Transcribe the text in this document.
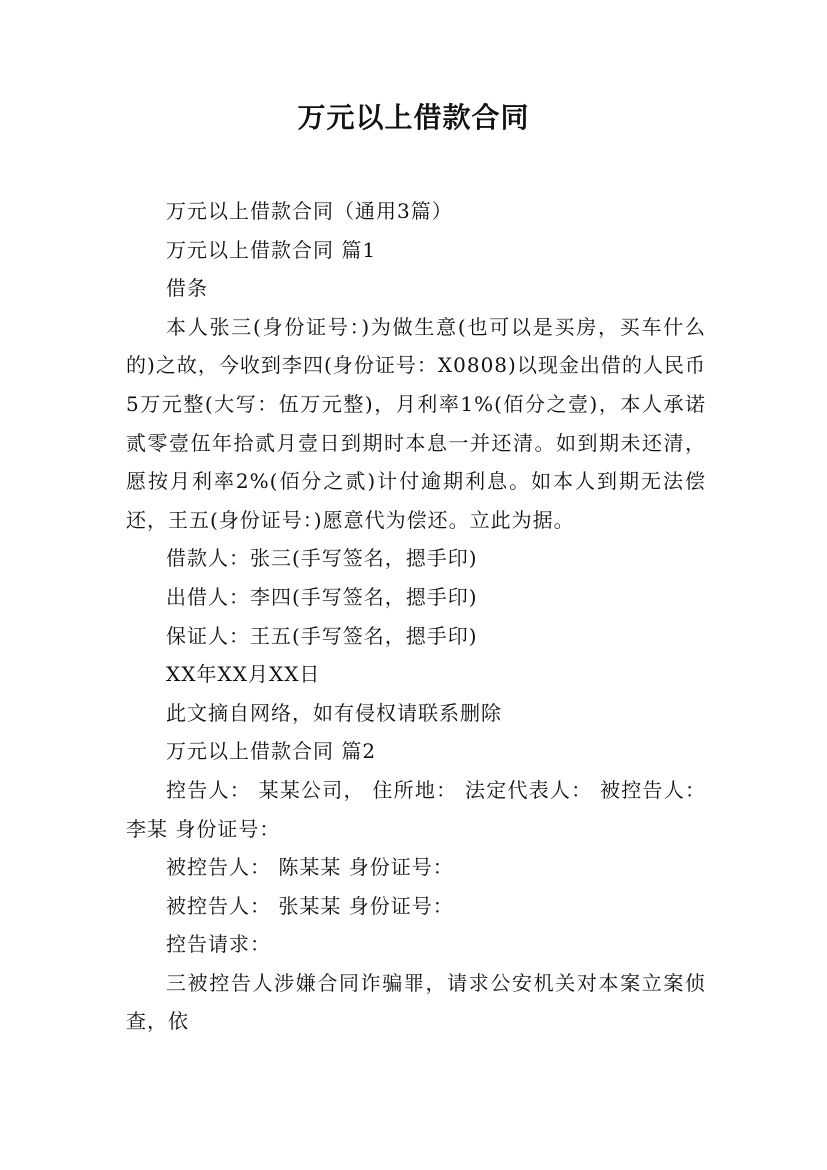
万元以上借款合同

万元以上借款合同（通用3篇）

万元以上借款合同 篇1

借条

本人张三(身份证号：)为做生意(也可以是买房，买车什么的)之故，今收到李四(身份证号：X0808)以现金出借的人民币5万元整(大写：伍万元整)，月利率1%(佰分之壹)，本人承诺贰零壹伍年拾贰月壹日到期时本息一并还清。如到期未还清，愿按月利率2%(佰分之贰)计付逾期利息。如本人到期无法偿还，王五(身份证号：)愿意代为偿还。立此为据。

借款人：张三(手写签名，摁手印)

出借人：李四(手写签名，摁手印)

保证人：王五(手写签名，摁手印)

XX年XX月XX日

此文摘自网络，如有侵权请联系删除

万元以上借款合同 篇2

控告人： 某某公司， 住所地： 法定代表人： 被控告人： 李某 身份证号：

被控告人： 陈某某 身份证号：

被控告人： 张某某 身份证号：

控告请求：

三被控告人涉嫌合同诈骗罪，请求公安机关对本案立案侦查，依
